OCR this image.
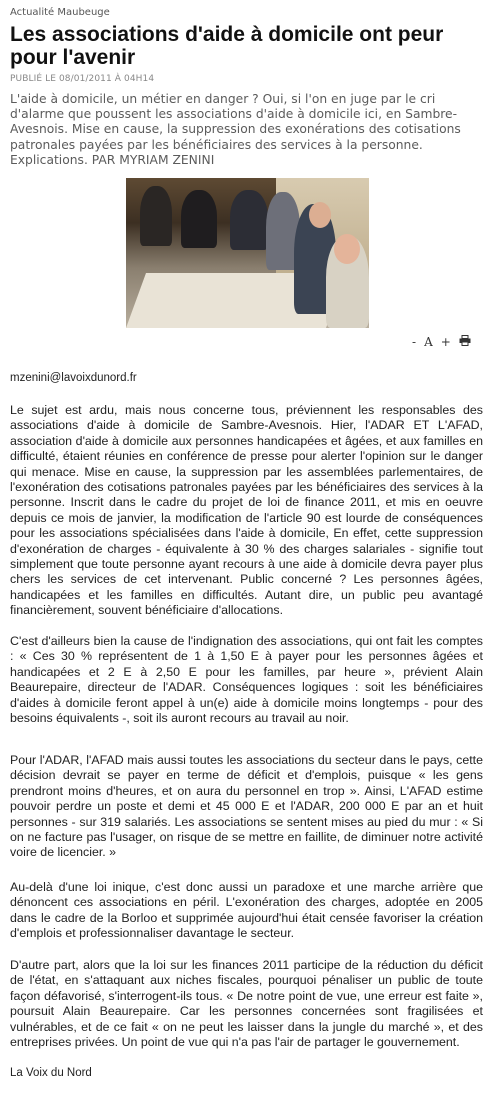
Actualité Maubeuge
Les associations d'aide à domicile ont peur pour l'avenir
PUBLIÉ LE 08/01/2011 À 04H14

L'aide à domicile, un métier en danger ? Oui, si l'on en juge par le cri d'alarme que poussent les associations d'aide à domicile ici, en Sambre-Avesnois. Mise en cause, la suppression des exonérations des cotisations patronales payées par les bénéficiaires des services à la personne. Explications. PAR MYRIAM ZENINI

- A +
mzenini@lavoixdunord.fr

Le sujet est ardu, mais nous concerne tous, préviennent les responsables des associations d'aide à domicile de Sambre-Avesnois. Hier, l'ADAR ET L'AFAD, association d'aide à domicile aux personnes handicapées et âgées, et aux familles en difficulté, étaient réunies en conférence de presse pour alerter l'opinion sur le danger qui menace. Mise en cause, la suppression par les assemblées parlementaires, de l'exonération des cotisations patronales payées par les bénéficiaires des services à la personne. Inscrit dans le cadre du projet de loi de finance 2011, et mis en oeuvre depuis ce mois de janvier, la modification de l'article 90 est lourde de conséquences pour les associations spécialisées dans l'aide à domicile, En effet, cette suppression d'exonération de charges - équivalente à 30 % des charges salariales - signifie tout simplement que toute personne ayant recours à une aide à domicile devra payer plus chers les services de cet intervenant. Public concerné ? Les personnes âgées, handicapées et les familles en difficultés. Autant dire, un public peu avantagé financièrement, souvent bénéficiaire d'allocations.

C'est d'ailleurs bien la cause de l'indignation des associations, qui ont fait les comptes : « Ces 30 % représentent de 1 à 1,50 E à payer pour les personnes âgées et handicapées et 2 E à 2,50 E pour les familles, par heure », prévient Alain Beaurepaire, directeur de l'ADAR. Conséquences logiques : soit les bénéficiaires d'aides à domicile feront appel à un(e) aide à domicile moins longtemps - pour des besoins équivalents -, soit ils auront recours au travail au noir.

Pour l'ADAR, l'AFAD mais aussi toutes les associations du secteur dans le pays, cette décision devrait se payer en terme de déficit et d'emplois, puisque « les gens prendront moins d'heures, et on aura du personnel en trop ». Ainsi, L'AFAD estime pouvoir perdre un poste et demi et 45 000 E et l'ADAR, 200 000 E par an et huit personnes - sur 319 salariés. Les associations se sentent mises au pied du mur : « Si on ne facture pas l'usager, on risque de se mettre en faillite, de diminuer notre activité voire de licencier. »

Au-delà d'une loi inique, c'est donc aussi un paradoxe et une marche arrière que dénoncent ces associations en péril. L'exonération des charges, adoptée en 2005 dans le cadre de la Borloo et supprimée aujourd'hui était censée favoriser la création d'emplois et professionnaliser davantage le secteur.

D'autre part, alors que la loi sur les finances 2011 participe de la réduction du déficit de l'état, en s'attaquant aux niches fiscales, pourquoi pénaliser un public de toute façon défavorisé, s'interrogent-ils tous. « De notre point de vue, une erreur est faite », poursuit Alain Beaurepaire. Car les personnes concernées sont fragilisées et vulnérables, et de ce fait « on ne peut les laisser dans la jungle du marché », et des entreprises privées. Un point de vue qui n'a pas l'air de partager le gouvernement.

La Voix du Nord
